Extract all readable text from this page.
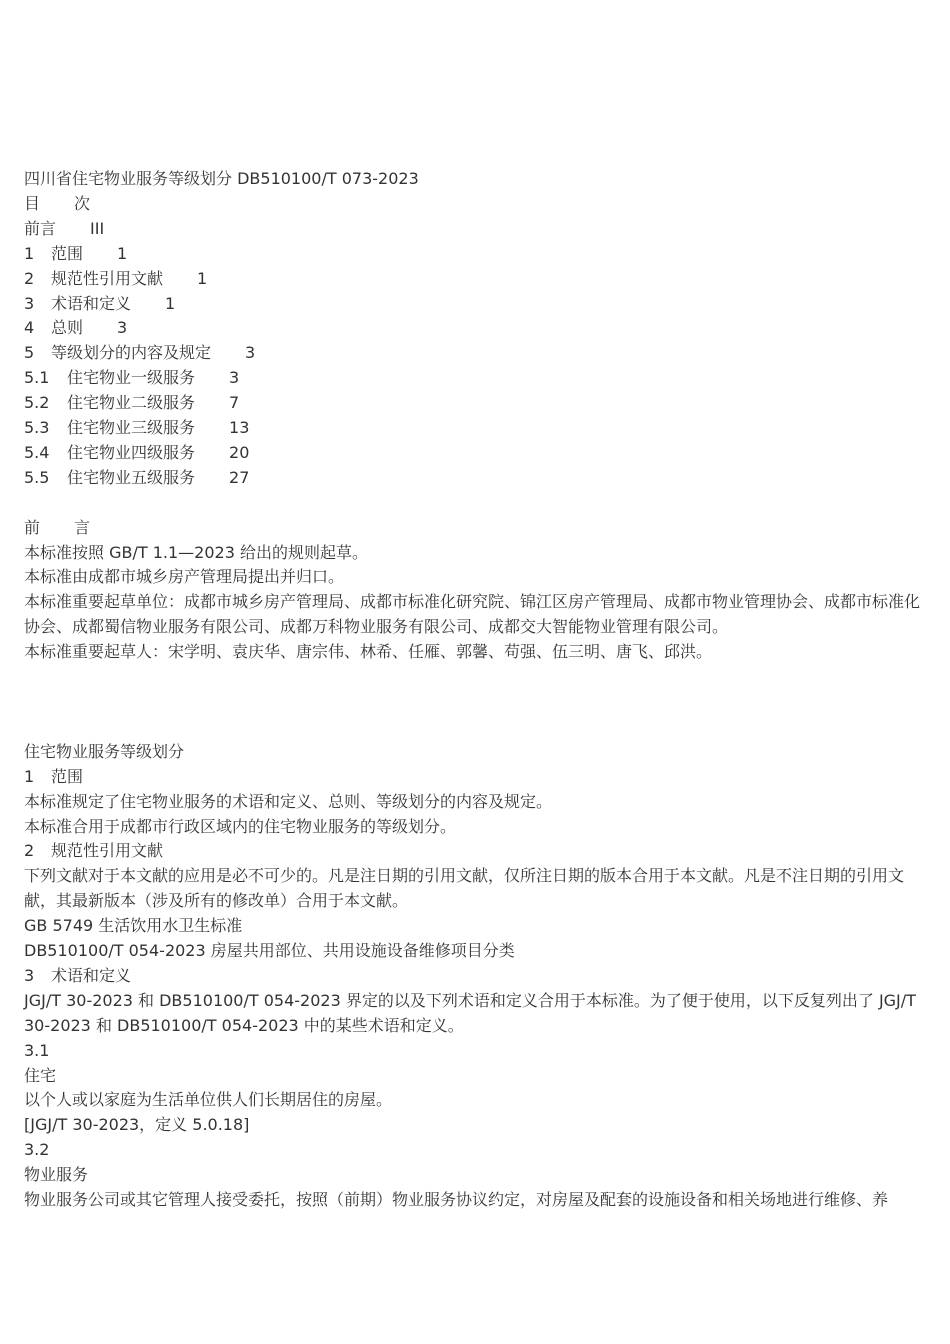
四川省住宅物业服务等级划分 DB510100/T 073-2023
目 次
前言 III
1	范围 1
2	规范性引用文献 1
3	术语和定义 1
4	总则 3
5	等级划分的内容及规定 3
5.1	住宅物业一级服务 3
5.2	住宅物业二级服务 7
5.3	住宅物业三级服务 13
5.4	住宅物业四级服务 20
5.5	住宅物业五级服务 27
前 言
本标准按照 GB/T 1.1—2023 给出的规则起草。
本标准由成都市城乡房产管理局提出并归口。
本标准重要起草单位：成都市城乡房产管理局、成都市标准化研究院、锦江区房产管理局、成都市物业管理协会、成都市标准化协会、成都蜀信物业服务有限公司、成都万科物业服务有限公司、成都交大智能物业管理有限公司。
本标准重要起草人：宋学明、袁庆华、唐宗伟、林希、任雁、郭馨、苟强、伍三明、唐飞、邱洪。
住宅物业服务等级划分
1	范围
本标准规定了住宅物业服务的术语和定义、总则、等级划分的内容及规定。
本标准合用于成都市行政区域内的住宅物业服务的等级划分。
2	规范性引用文献
下列文献对于本文献的应用是必不可少的。凡是注日期的引用文献，仅所注日期的版本合用于本文献。凡是不注日期的引用文献，其最新版本（涉及所有的修改单）合用于本文献。
GB 5749 生活饮用水卫生标准
DB510100/T 054-2023 房屋共用部位、共用设施设备维修项目分类
3	术语和定义
JGJ/T 30-2023 和 DB510100/T 054-2023 界定的以及下列术语和定义合用于本标准。为了便于使用，以下反复列出了 JGJ/T 30-2023 和 DB510100/T 054-2023 中的某些术语和定义。
3.1
住宅
以个人或以家庭为生活单位供人们长期居住的房屋。
[JGJ/T 30-2023，定义 5.0.18]
3.2
物业服务
物业服务公司或其它管理人接受委托，按照（前期）物业服务协议约定，对房屋及配套的设施设备和相关场地进行维修、养
